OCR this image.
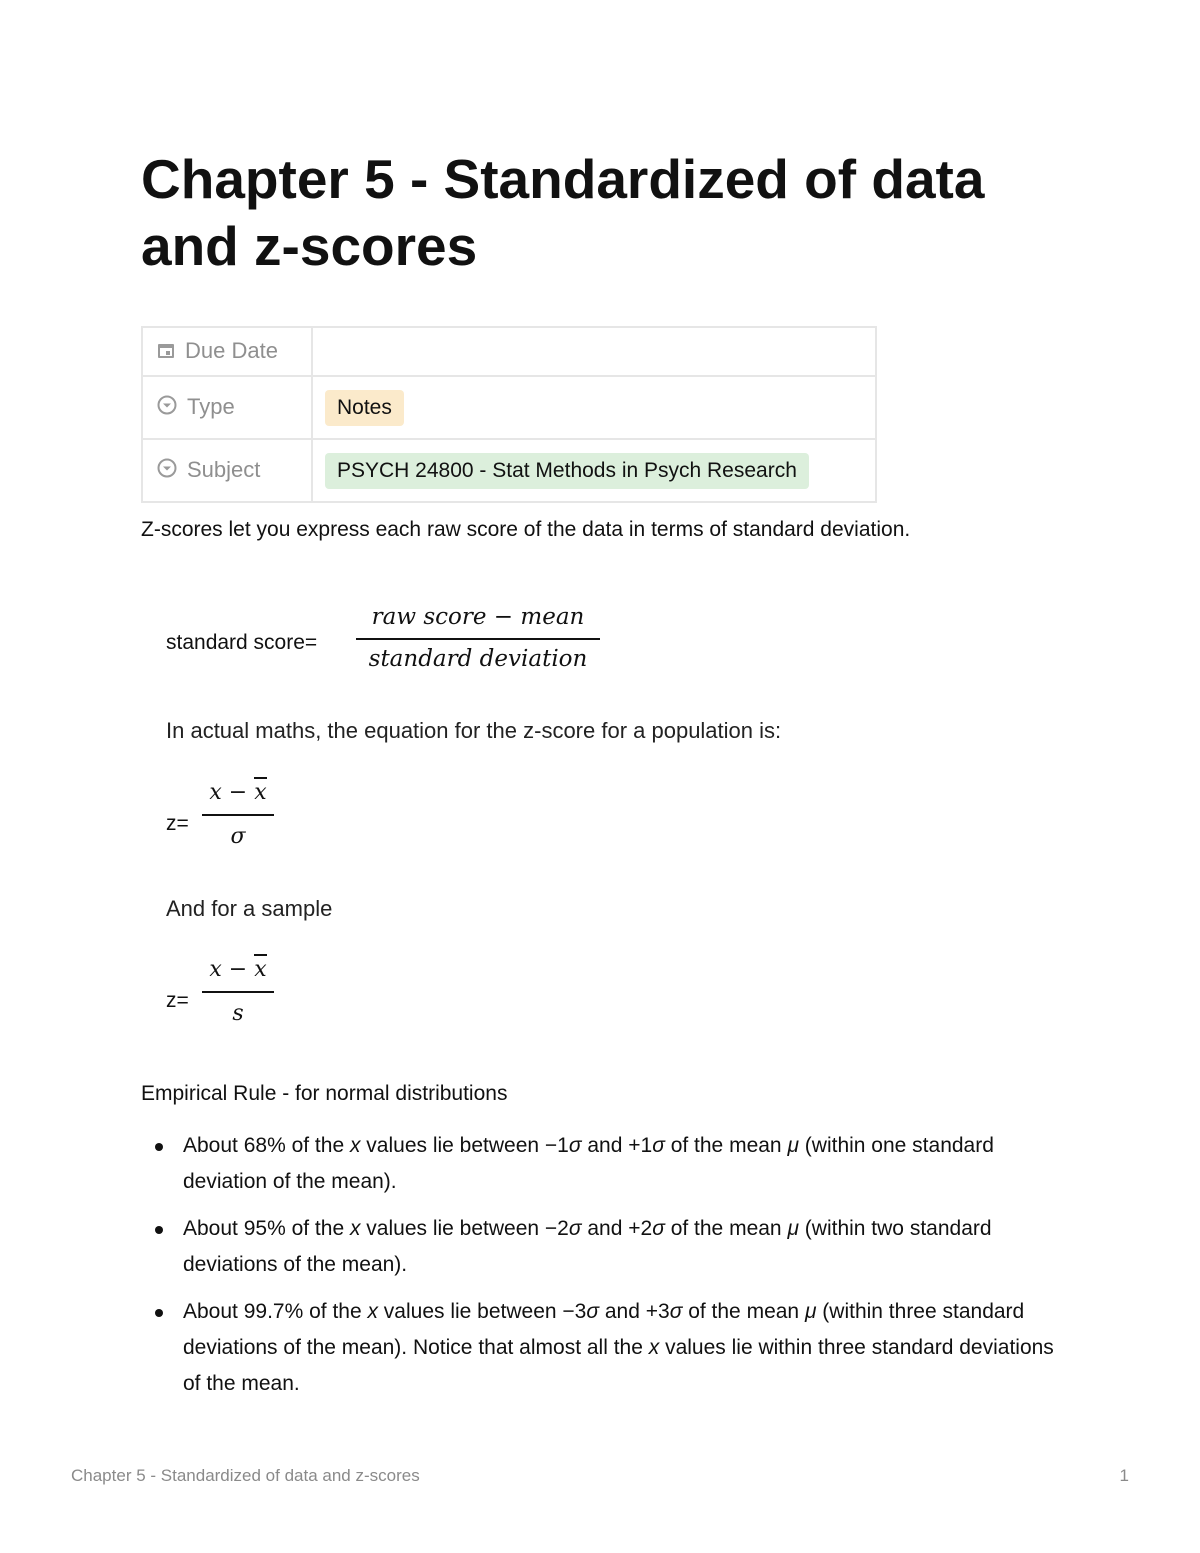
Chapter 5 - Standardized of data and z-scores
Due Date	
Type	Notes
Subject	PSYCH 24800 - Stat Methods in Psych Research

Z-scores let you express each raw score of the data in terms of standard deviation.

standard score=
raw score − mean
standard deviation

In actual maths, the equation for the z-score for a population is:

z=
x − x
σ

And for a sample

z=
x − x
s

Empirical Rule - for normal distributions

About 68% of the x values lie between −1σ and +1σ of the mean μ (within one standard deviation of the mean).
About 95% of the x values lie between −2σ and +2σ of the mean μ (within two standard deviations of the mean).
About 99.7% of the x values lie between −3σ and +3σ of the mean μ (within three standard deviations of the mean). Notice that almost all the x values lie within three standard deviations of the mean.
Chapter 5 - Standardized of data and z-scores	1
